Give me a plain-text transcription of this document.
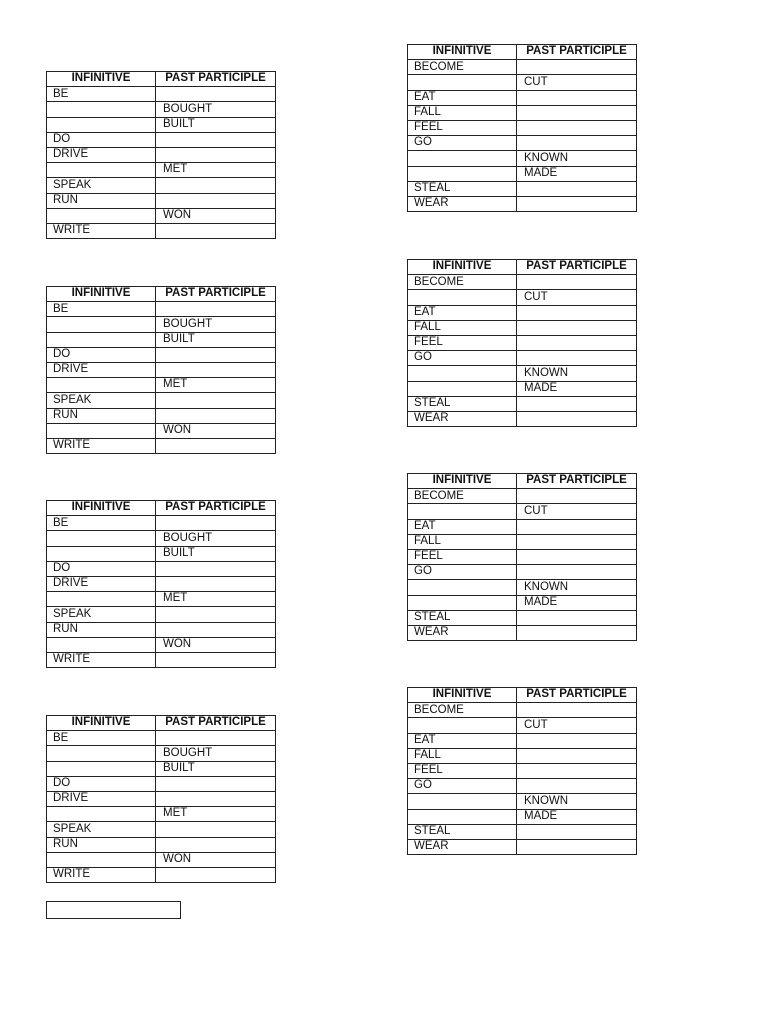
INFINITIVE	PAST PARTICIPLE
BE	
	BOUGHT
	BUILT
DO	
DRIVE	
	MET
SPEAK	
RUN	
	WON
WRITE	
INFINITIVE	PAST PARTICIPLE
BE	
	BOUGHT
	BUILT
DO	
DRIVE	
	MET
SPEAK	
RUN	
	WON
WRITE	
INFINITIVE	PAST PARTICIPLE
BE	
	BOUGHT
	BUILT
DO	
DRIVE	
	MET
SPEAK	
RUN	
	WON
WRITE	
INFINITIVE	PAST PARTICIPLE
BE	
	BOUGHT
	BUILT
DO	
DRIVE	
	MET
SPEAK	
RUN	
	WON
WRITE	
INFINITIVE	PAST PARTICIPLE
BECOME	
	CUT
EAT	
FALL	
FEEL	
GO	
	KNOWN
	MADE
STEAL	
WEAR	
INFINITIVE	PAST PARTICIPLE
BECOME	
	CUT
EAT	
FALL	
FEEL	
GO	
	KNOWN
	MADE
STEAL	
WEAR	
INFINITIVE	PAST PARTICIPLE
BECOME	
	CUT
EAT	
FALL	
FEEL	
GO	
	KNOWN
	MADE
STEAL	
WEAR	
INFINITIVE	PAST PARTICIPLE
BECOME	
	CUT
EAT	
FALL	
FEEL	
GO	
	KNOWN
	MADE
STEAL	
WEAR	
